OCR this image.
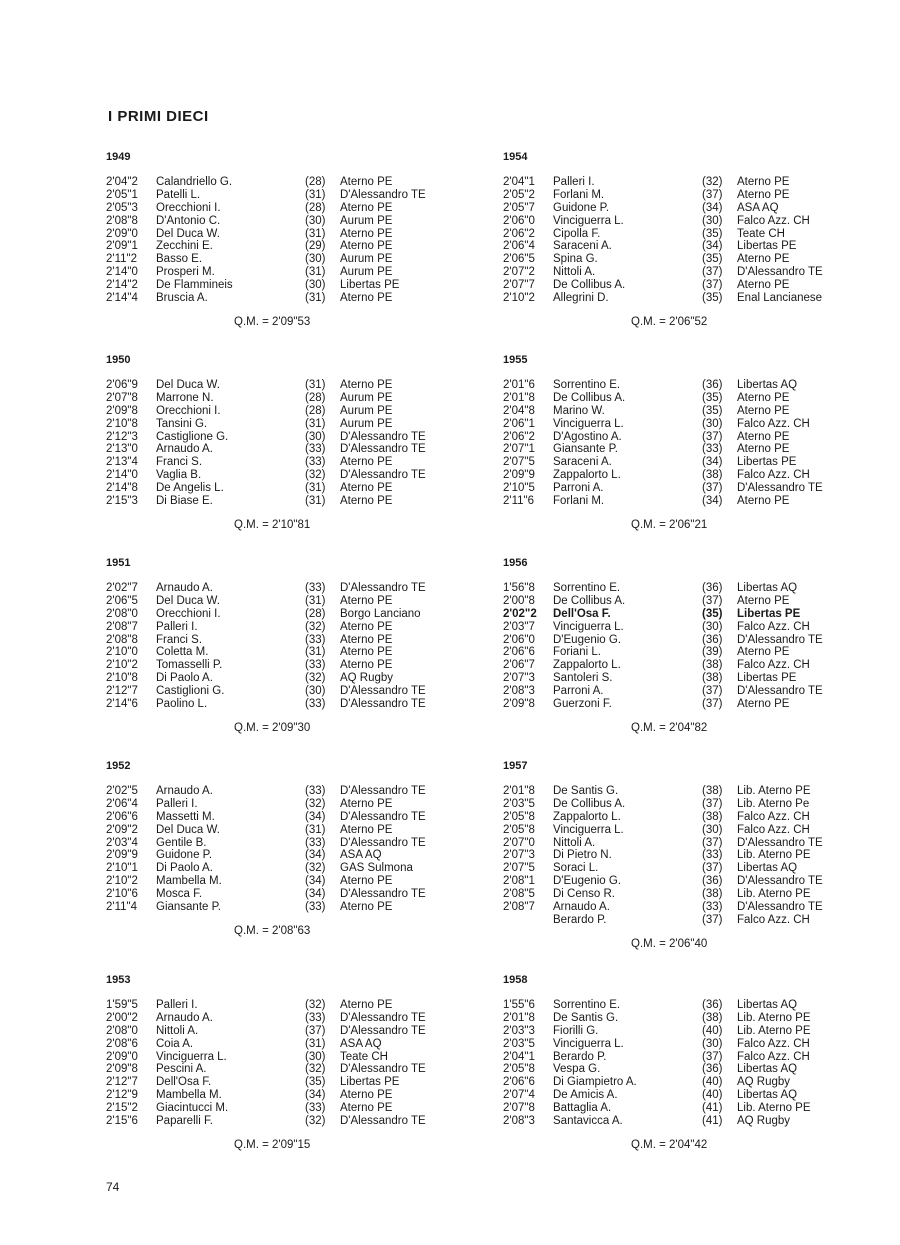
I PRIMI DIECI
1949
2'04"2 Calandriello G.	(28) Aterno PE
2'05"1 Patelli L.	(31) D'Alessandro TE
2'05"3 Orecchioni I.	(28) Aterno PE
2'08"8 D'Antonio C.	(30) Aurum PE
2'09"0 Del Duca W.	(31) Aterno PE
2'09"1 Zecchini E.	(29) Aterno PE
2'11"2 Basso E.	(30) Aurum PE
2'14"0 Prosperi M.	(31) Aurum PE
2'14"2 De Flammineis	(30) Libertas PE
2'14"4 Bruscia A.	(31) Aterno PE
Q.M. = 2'09"53
1954
2'04"1 Palleri I.	(32) Aterno PE
2'05"2 Forlani M.	(37) Aterno PE
2'05"7 Guidone P.	(34) ASA AQ
2'06"0 Vinciguerra L.	(30) Falco Azz. CH
2'06"2 Cipolla F.	(35) Teate CH
2'06"4 Saraceni A.	(34) Libertas PE
2'06"5 Spina G.	(35) Aterno PE
2'07"2 Nittoli A.	(37) D'Alessandro TE
2'07"7 De Collibus A.	(37) Aterno PE
2'10"2 Allegrini D.	(35) Enal Lancianese
Q.M. = 2'06"52
1950
2'06"9 Del Duca W.	(31) Aterno PE
2'07"8 Marrone N.	(28) Aurum PE
2'09"8 Orecchioni I.	(28) Aurum PE
2'10"8 Tansini G.	(31) Aurum PE
2'12"3 Castiglione G.	(30) D'Alessandro TE
2'13"0 Arnaudo A.	(33) D'Alessandro TE
2'13"4 Franci S.	(33) Aterno PE
2'14"0 Vaglia B.	(32) D'Alessandro TE
2'14"8 De Angelis L.	(31) Aterno PE
2'15"3 Di Biase E.	(31) Aterno PE
Q.M. = 2'10"81
1955
2'01"6 Sorrentino E.	(36) Libertas AQ
2'01"8 De Collibus A.	(35) Aterno PE
2'04"8 Marino W.	(35) Aterno PE
2'06"1 Vinciguerra L.	(30) Falco Azz. CH
2'06"2 D'Agostino A.	(37) Aterno PE
2'07"1 Giansante P.	(33) Aterno PE
2'07"5 Saraceni A.	(34) Libertas PE
2'09"9 Zappalorto L.	(38) Falco Azz. CH
2'10"5 Parroni A.	(37) D'Alessandro TE
2'11"6 Forlani M.	(34) Aterno PE
Q.M. = 2'06"21
1951
2'02"7 Arnaudo A.	(33) D'Alessandro TE
2'06"5 Del Duca W.	(31) Aterno PE
2'08"0 Orecchioni I.	(28) Borgo Lanciano
2'08"7 Palleri I.	(32) Aterno PE
2'08"8 Franci S.	(33) Aterno PE
2'10"0 Coletta M.	(31) Aterno PE
2'10"2 Tomasselli P.	(33) Aterno PE
2'10"8 Di Paolo A.	(32) AQ Rugby
2'12"7 Castiglioni G.	(30) D'Alessandro TE
2'14"6 Paolino L.	(33) D'Alessandro TE
Q.M. = 2'09"30
1956
1'56"8 Sorrentino E.	(36) Libertas AQ
2'00"8 De Collibus A.	(37) Aterno PE
2'02"2 Dell'Osa F.	(35) Libertas PE
2'03"7 Vinciguerra L.	(30) Falco Azz. CH
2'06"0 D'Eugenio G.	(36) D'Alessandro TE
2'06"6 Foriani L.	(39) Aterno PE
2'06"7 Zappalorto L.	(38) Falco Azz. CH
2'07"3 Santoleri S.	(38) Libertas PE
2'08"3 Parroni A.	(37) D'Alessandro TE
2'09"8 Guerzoni F.	(37) Aterno PE
Q.M. = 2'04"82
1952
2'02"5 Arnaudo A.	(33) D'Alessandro TE
2'06"4 Palleri I.	(32) Aterno PE
2'06"6 Massetti M.	(34) D'Alessandro TE
2'09"2 Del Duca W.	(31) Aterno PE
2'03"4 Gentile B.	(33) D'Alessandro TE
2'09"9 Guidone P.	(34) ASA AQ
2'10"1 Di Paolo A.	(32) GAS Sulmona
2'10"2 Mambella M.	(34) Aterno PE
2'10"6 Mosca F.	(34) D'Alessandro TE
2'11"4 Giansante P.	(33) Aterno PE
Q.M. = 2'08"63
1957
2'01"8 De Santis G.	(38) Lib. Aterno PE
2'03"5 De Collibus A.	(37) Lib. Aterno Pe
2'05"8 Zappalorto L.	(38) Falco Azz. CH
2'05"8 Vinciguerra L.	(30) Falco Azz. CH
2'07"0 Nittoli A.	(37) D'Alessandro TE
2'07"3 Di Pietro N.	(33) Lib. Aterno PE
2'07"5 Soraci L.	(37) Libertas AQ
2'08"1 D'Eugenio G.	(36) D'Alessandro TE
2'08"5 Di Censo R.	(38) Lib. Aterno PE
2'08"7 Arnaudo A.	(33) D'Alessandro TE
Berardo P.	(37) Falco Azz. CH
Q.M. = 2'06"40
1953
1'59"5 Palleri I.	(32) Aterno PE
2'00"2 Arnaudo A.	(33) D'Alessandro TE
2'08"0 Nittoli A.	(37) D'Alessandro TE
2'08"6 Coia A.	(31) ASA AQ
2'09"0 Vinciguerra L.	(30) Teate CH
2'09"8 Pescini A.	(32) D'Alessandro TE
2'12"7 Dell'Osa F.	(35) Libertas PE
2'12"9 Mambella M.	(34) Aterno PE
2'15"2 Giacintucci M.	(33) Aterno PE
2'15"6 Paparelli F.	(32) D'Alessandro TE
Q.M. = 2'09"15
1958
1'55"6 Sorrentino E.	(36) Libertas AQ
2'01"8 De Santis G.	(38) Lib. Aterno PE
2'03"3 Fiorilli G.	(40) Lib. Aterno PE
2'03"5 Vinciguerra L.	(30) Falco Azz. CH
2'04"1 Berardo P.	(37) Falco Azz. CH
2'05"8 Vespa G.	(36) Libertas AQ
2'06"6 Di Giampietro A.	(40) AQ Rugby
2'07"4 De Amicis A.	(40) Libertas AQ
2'07"8 Battaglia A.	(41) Lib. Aterno PE
2'08"3 Santavicca A.	(41) AQ Rugby
Q.M. = 2'04"42
74
